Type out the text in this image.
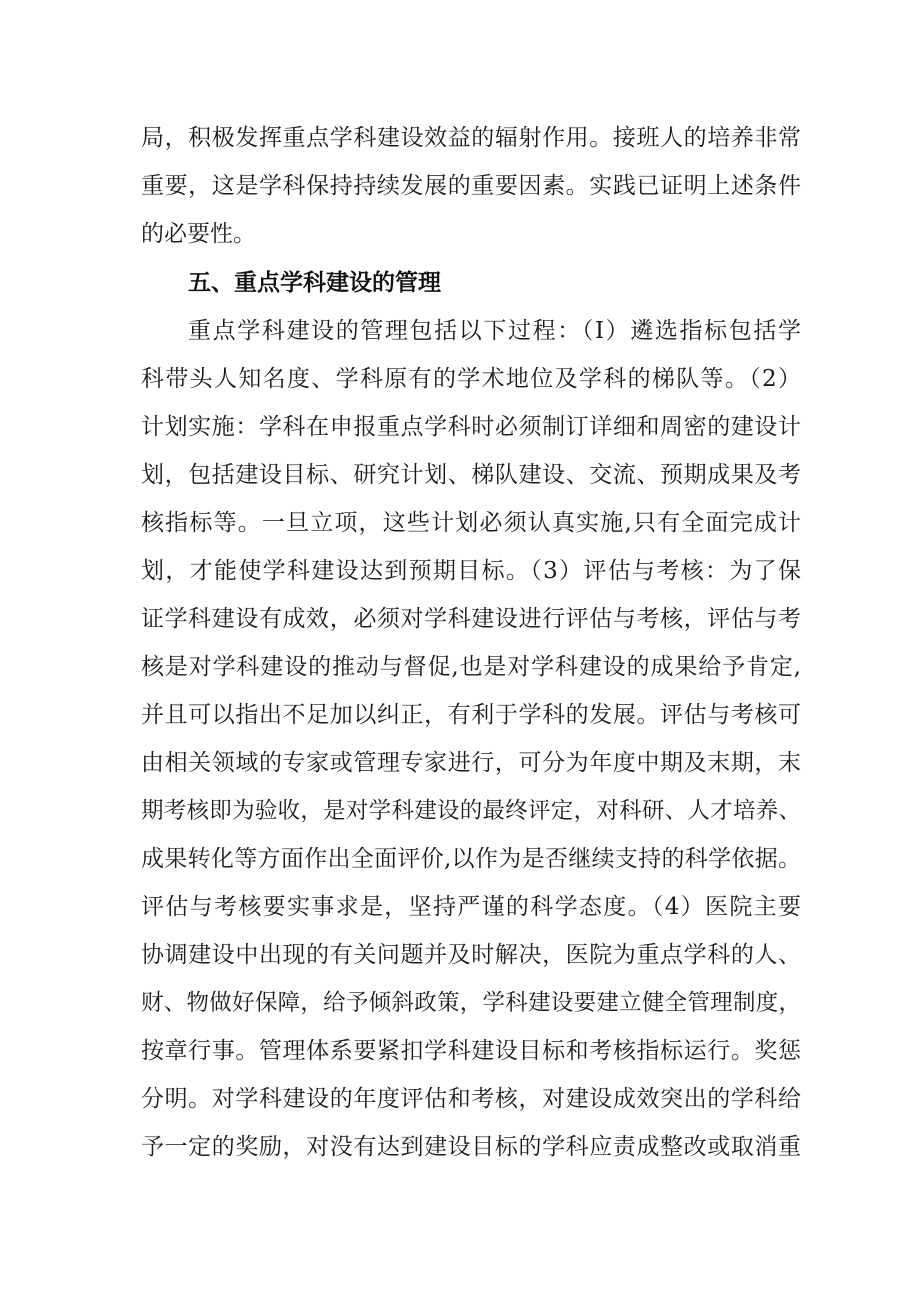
局，积极发挥重点学科建设效益的辐射作用。接班人的培养非常
重要，这是学科保持持续发展的重要因素。实践已证明上述条件
的必要性。
五、重点学科建设的管理
重点学科建设的管理包括以下过程：（I）遴选指标包括学
科带头人知名度、学科原有的学术地位及学科的梯队等。（2）
计划实施：学科在申报重点学科时必须制订详细和周密的建设计
划，包括建设目标、研究计划、梯队建设、交流、预期成果及考
核指标等。一旦立项，这些计划必须认真实施,只有全面完成计
划，才能使学科建设达到预期目标。（3）评估与考核：为了保
证学科建设有成效，必须对学科建设进行评估与考核，评估与考
核是对学科建设的推动与督促,也是对学科建设的成果给予肯定,
并且可以指出不足加以纠正，有利于学科的发展。评估与考核可
由相关领域的专家或管理专家进行，可分为年度中期及末期，末
期考核即为验收，是对学科建设的最终评定，对科研、人才培养、
成果转化等方面作出全面评价,以作为是否继续支持的科学依据。
评估与考核要实事求是，坚持严谨的科学态度。（4）医院主要
协调建设中出现的有关问题并及时解决，医院为重点学科的人、
财、物做好保障，给予倾斜政策，学科建设要建立健全管理制度，
按章行事。管理体系要紧扣学科建设目标和考核指标运行。奖惩
分明。对学科建设的年度评估和考核，对建设成效突出的学科给
予一定的奖励，对没有达到建设目标的学科应责成整改或取消重
